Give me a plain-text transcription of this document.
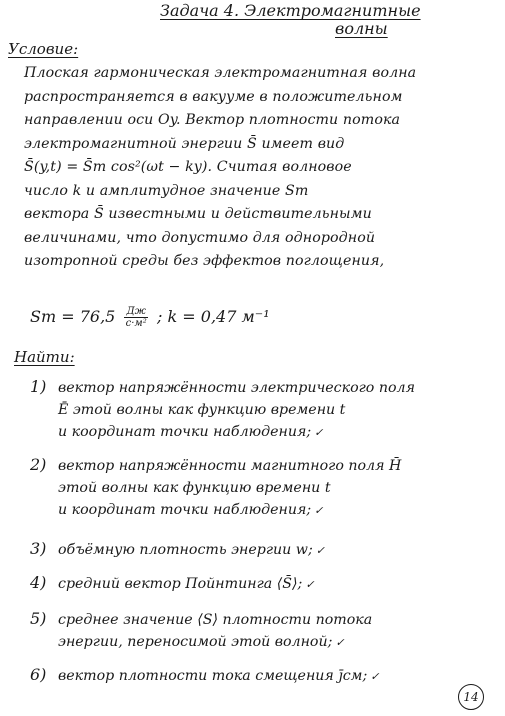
Задача 4. Электромагнитные
волны
Условие:
Плоская гармоническая электромагнитная волна
распространяется в вакууме в положительном
направлении оси Oy. Вектор плотности потока
электромагнитной энергии S̄ имеет вид
S̄(y,t) = S̄m cos²(ωt − ky). Считая волновое
число k и амплитудное значение Sm
вектора S̄ известными и действительными
величинами, что допустимо для однородной
изотропной среды без эффектов поглощения,
Sm = 76,5 Дж
с·м² ; k = 0,47 м⁻¹
Найти:
1) вектор напряжённости электрического поля
Ē этой волны как функцию времени t
и координат точки наблюдения; ✓
2) вектор напряжённости магнитного поля H̄
этой волны как функцию времени t
и координат точки наблюдения; ✓
3) объёмную плотность энергии w; ✓
4) средний вектор Пойнтинга ⟨S̄⟩; ✓
5) среднее значение ⟨S⟩ плотности потока
энергии, переносимой этой волной; ✓
6) вектор плотности тока смещения j̄см; ✓
14
